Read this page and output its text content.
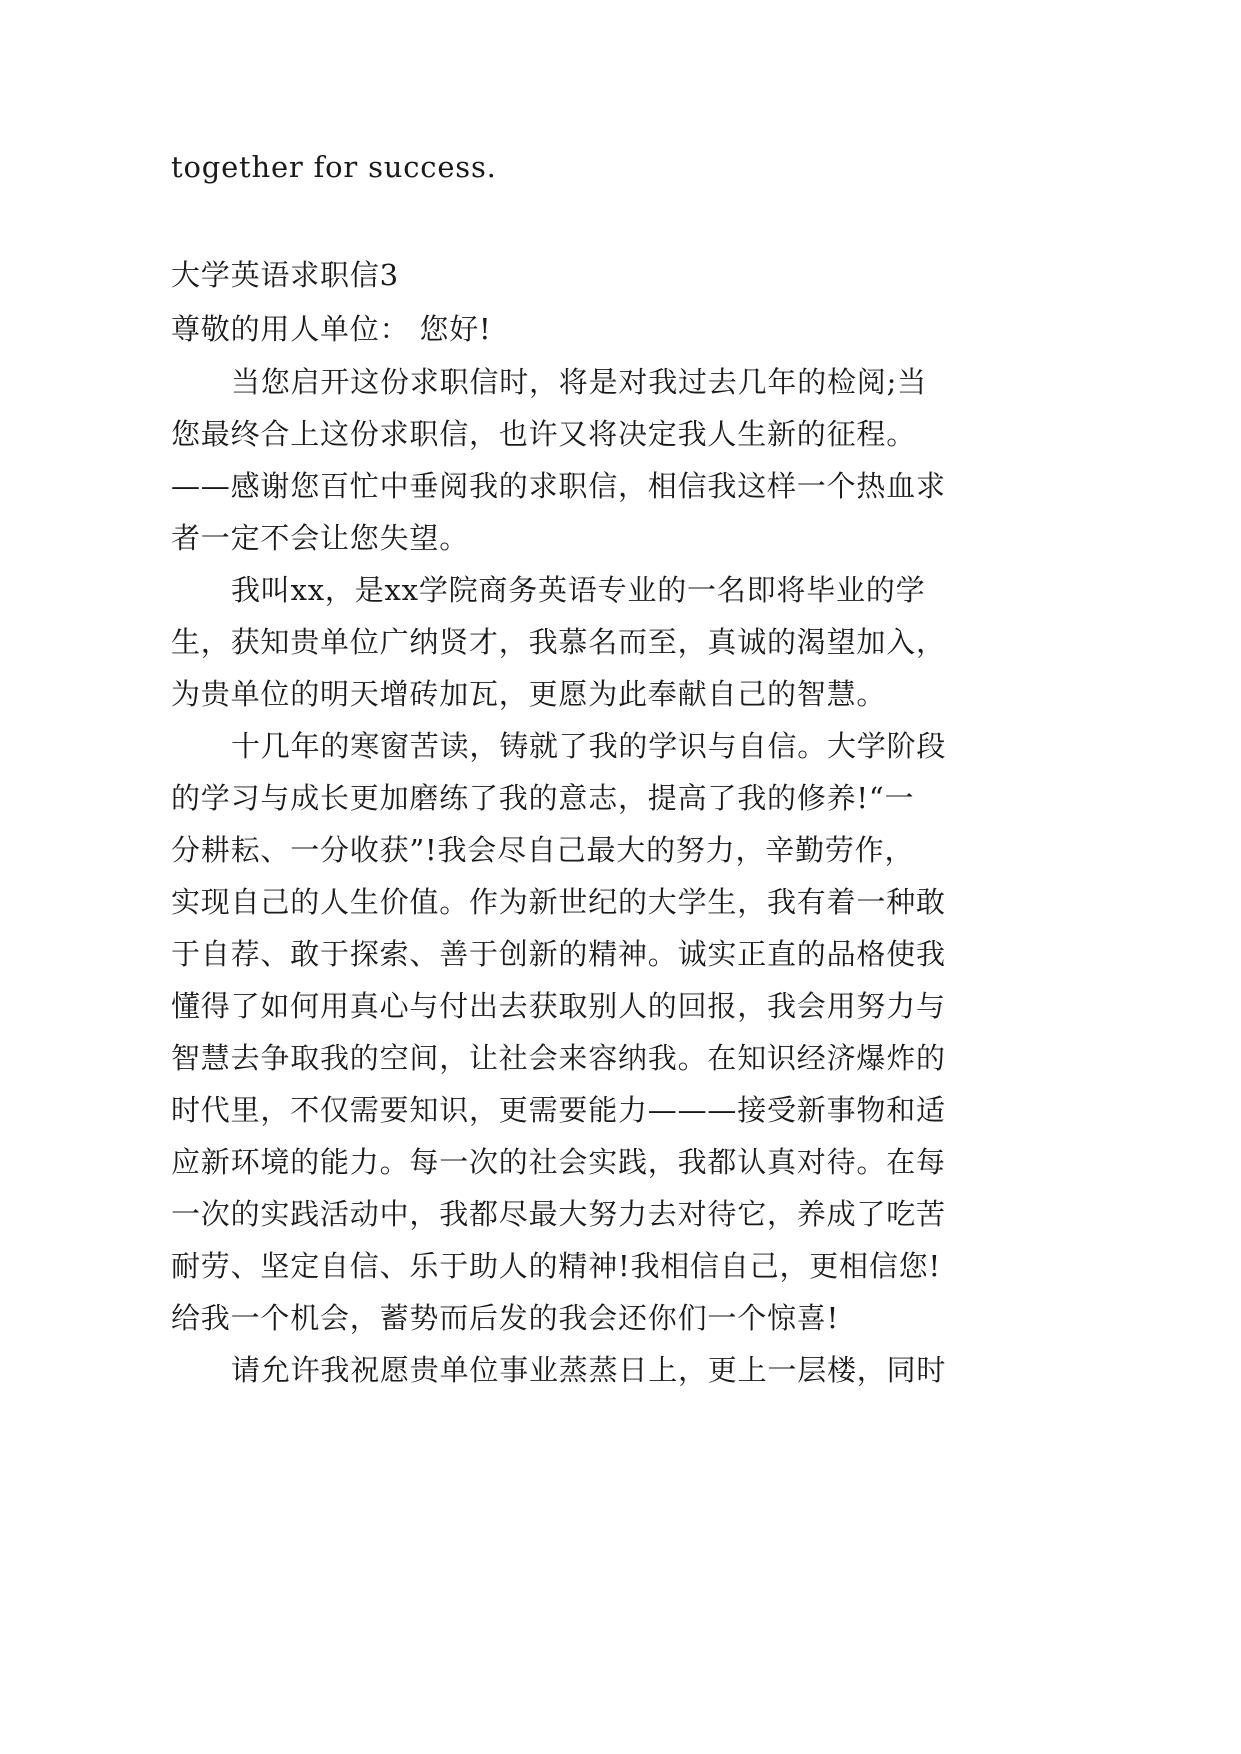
together for success.
大学英语求职信3
尊敬的用人单位： 您好!
当您启开这份求职信时，将是对我过去几年的检阅;当
您最终合上这份求职信，也许又将决定我人生新的征程。
——感谢您百忙中垂阅我的求职信，相信我这样一个热血求
者一定不会让您失望。
我叫xx，是xx学院商务英语专业的一名即将毕业的学
生，获知贵单位广纳贤才，我慕名而至，真诚的渴望加入，
为贵单位的明天增砖加瓦，更愿为此奉献自己的智慧。
十几年的寒窗苦读，铸就了我的学识与自信。大学阶段
的学习与成长更加磨练了我的意志，提高了我的修养!“一
分耕耘、一分收获”!我会尽自己最大的努力，辛勤劳作，
实现自己的人生价值。作为新世纪的大学生，我有着一种敢
于自荐、敢于探索、善于创新的精神。诚实正直的品格使我
懂得了如何用真心与付出去获取别人的回报，我会用努力与
智慧去争取我的空间，让社会来容纳我。在知识经济爆炸的
时代里，不仅需要知识，更需要能力———接受新事物和适
应新环境的能力。每一次的社会实践，我都认真对待。在每
一次的实践活动中，我都尽最大努力去对待它，养成了吃苦
耐劳、坚定自信、乐于助人的精神!我相信自己，更相信您!
给我一个机会，蓄势而后发的我会还你们一个惊喜!
请允许我祝愿贵单位事业蒸蒸日上，更上一层楼，同时
